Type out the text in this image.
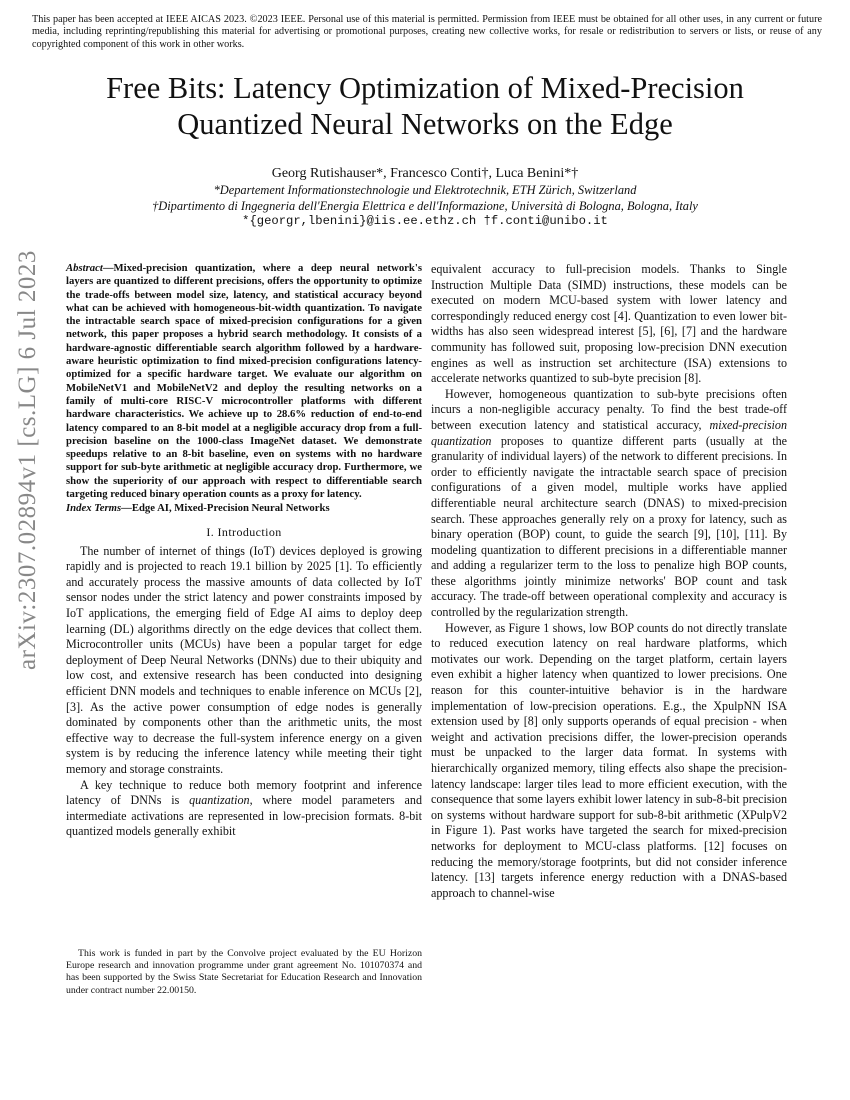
This paper has been accepted at IEEE AICAS 2023. ©2023 IEEE. Personal use of this material is permitted. Permission from IEEE must be obtained for all other uses, in any current or future media, including reprinting/republishing this material for advertising or promotional purposes, creating new collective works, for resale or redistribution to servers or lists, or reuse of any copyrighted component of this work in other works.
arXiv:2307.02894v1 [cs.LG] 6 Jul 2023
Free Bits: Latency Optimization of Mixed-Precision
Quantized Neural Networks on the Edge
Georg Rutishauser*, Francesco Conti†, Luca Benini*†
*Departement Informationstechnologie und Elektrotechnik, ETH Zürich, Switzerland
†Dipartimento di Ingegneria dell'Energia Elettrica e dell'Informazione, Università di Bologna, Bologna, Italy
*{georgr,lbenini}@iis.ee.ethz.ch †f.conti@unibo.it

Abstract—Mixed-precision quantization, where a deep neural network's layers are quantized to different precisions, offers the opportunity to optimize the trade-offs between model size, latency, and statistical accuracy beyond what can be achieved with homogeneous-bit-width quantization. To navigate the intractable search space of mixed-precision configurations for a given network, this paper proposes a hybrid search methodology. It consists of a hardware-agnostic differentiable search algorithm followed by a hardware-aware heuristic optimization to find mixed-precision configurations latency-optimized for a specific hardware target. We evaluate our algorithm on MobileNetV1 and MobileNetV2 and deploy the resulting networks on a family of multi-core RISC-V microcontroller platforms with different hardware characteristics. We achieve up to 28.6% reduction of end-to-end latency compared to an 8-bit model at a negligible accuracy drop from a full-precision baseline on the 1000-class ImageNet dataset. We demonstrate speedups relative to an 8-bit baseline, even on systems with no hardware support for sub-byte arithmetic at negligible accuracy drop. Furthermore, we show the superiority of our approach with respect to differentiable search targeting reduced binary operation counts as a proxy for latency.

Index Terms—Edge AI, Mixed-Precision Neural Networks

I. Introduction

The number of internet of things (IoT) devices deployed is growing rapidly and is projected to reach 19.1 billion by 2025 [1]. To efficiently and accurately process the massive amounts of data collected by IoT sensor nodes under the strict latency and power constraints imposed by IoT applications, the emerging field of Edge AI aims to deploy deep learning (DL) algorithms directly on the edge devices that collect them. Microcontroller units (MCUs) have been a popular target for edge deployment of Deep Neural Networks (DNNs) due to their ubiquity and low cost, and extensive research has been conducted into designing efficient DNN models and techniques to enable inference on MCUs [2], [3]. As the active power consumption of edge nodes is generally dominated by components other than the arithmetic units, the most effective way to decrease the full-system inference energy on a given system is by reducing the inference latency while meeting their tight memory and storage constraints.

A key technique to reduce both memory footprint and inference latency of DNNs is quantization, where model parameters and intermediate activations are represented in low-precision formats. 8-bit quantized models generally exhibit

This work is funded in part by the Convolve project evaluated by the EU Horizon Europe research and innovation programme under grant agreement No. 101070374 and has been supported by the Swiss State Secretariat for Education Research and Innovation under contract number 22.00150.

equivalent accuracy to full-precision models. Thanks to Single Instruction Multiple Data (SIMD) instructions, these models can be executed on modern MCU-based system with lower latency and correspondingly reduced energy cost [4]. Quantization to even lower bit-widths has also seen widespread interest [5], [6], [7] and the hardware community has followed suit, proposing low-precision DNN execution engines as well as instruction set architecture (ISA) extensions to accelerate networks quantized to sub-byte precision [8].

However, homogeneous quantization to sub-byte precisions often incurs a non-negligible accuracy penalty. To find the best trade-off between execution latency and statistical accuracy, mixed-precision quantization proposes to quantize different parts (usually at the granularity of individual layers) of the network to different precisions. In order to efficiently navigate the intractable search space of precision configurations of a given model, multiple works have applied differentiable neural architecture search (DNAS) to mixed-precision search. These approaches generally rely on a proxy for latency, such as binary operation (BOP) count, to guide the search [9], [10], [11]. By modeling quantization to different precisions in a differentiable manner and adding a regularizer term to the loss to penalize high BOP counts, these algorithms jointly minimize networks' BOP count and task accuracy. The trade-off between operational complexity and accuracy is controlled by the regularization strength.

However, as Figure 1 shows, low BOP counts do not directly translate to reduced execution latency on real hardware platforms, which motivates our work. Depending on the target platform, certain layers even exhibit a higher latency when quantized to lower precisions. One reason for this counter-intuitive behavior is in the hardware implementation of low-precision operations. E.g., the XpulpNN ISA extension used by [8] only supports operands of equal precision - when weight and activation precisions differ, the lower-precision operands must be unpacked to the larger data format. In systems with hierarchically organized memory, tiling effects also shape the precision-latency landscape: larger tiles lead to more efficient execution, with the consequence that some layers exhibit lower latency in sub-8-bit precision on systems without hardware support for sub-8-bit arithmetic (XPulpV2 in Figure 1). Past works have targeted the search for mixed-precision networks for deployment to MCU-class platforms. [12] focuses on reducing the memory/storage footprints, but did not consider inference latency. [13] targets inference energy reduction with a DNAS-based approach to channel-wise
